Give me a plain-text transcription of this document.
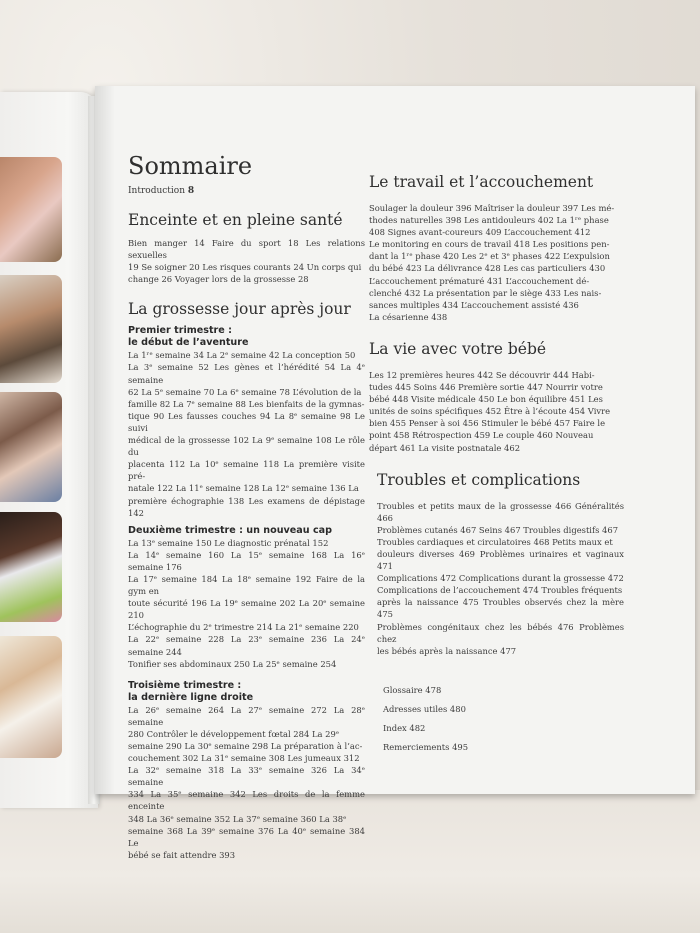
Sommaire
Introduction 8
Enceinte et en pleine santé

Bien manger 14 Faire du sport 18 Les relations sexuelles

19 Se soigner 20 Les risques courants 24 Un corps qui

change 26 Voyager lors de la grossesse 28

La grossesse jour après jour

Premier trimestre :

le début de l’aventure

La 1ʳᵉ semaine 34 La 2ᵉ semaine 42 La conception 50

La 3ᵉ semaine 52 Les gènes et l’hérédité 54 La 4ᵉ semaine

62 La 5ᵉ semaine 70 La 6ᵉ semaine 78 L’évolution de la

famille 82 La 7ᵉ semaine 88 Les bienfaits de la gymnas-

tique 90 Les fausses couches 94 La 8ᵉ semaine 98 Le suivi

médical de la grossesse 102 La 9ᵉ semaine 108 Le rôle du

placenta 112 La 10ᵉ semaine 118 La première visite pré-

natale 122 La 11ᵉ semaine 128 La 12ᵉ semaine 136 La

première échographie 138 Les examens de dépistage 142

Deuxième trimestre : un nouveau cap

La 13ᵉ semaine 150 Le diagnostic prénatal 152

La 14ᵉ semaine 160 La 15ᵉ semaine 168 La 16ᵉ semaine 176

La 17ᵉ semaine 184 La 18ᵉ semaine 192 Faire de la gym en

toute sécurité 196 La 19ᵉ semaine 202 La 20ᵉ semaine 210

L’échographie du 2ᵉ trimestre 214 La 21ᵉ semaine 220

La 22ᵉ semaine 228 La 23ᵉ semaine 236 La 24ᵉ semaine 244

Tonifier ses abdominaux 250 La 25ᵉ semaine 254

Troisième trimestre :

la dernière ligne droite

La 26ᵉ semaine 264 La 27ᵉ semaine 272 La 28ᵉ semaine

280 Contrôler le développement fœtal 284 La 29ᵉ

semaine 290 La 30ᵉ semaine 298 La préparation à l’ac-

couchement 302 La 31ᵉ semaine 308 Les jumeaux 312

La 32ᵉ semaine 318 La 33ᵉ semaine 326 La 34ᵉ semaine

334 La 35ᵉ semaine 342 Les droits de la femme enceinte

348 La 36ᵉ semaine 352 La 37ᵉ semaine 360 La 38ᵉ

semaine 368 La 39ᵉ semaine 376 La 40ᵉ semaine 384 Le

bébé se fait attendre 393

Le travail et l’accouchement

Soulager la douleur 396 Maîtriser la douleur 397 Les mé-

thodes naturelles 398 Les antidouleurs 402 La 1ʳᵉ phase

408 Signes avant-coureurs 409 L’accouchement 412

Le monitoring en cours de travail 418 Les positions pen-

dant la 1ʳᵉ phase 420 Les 2ᵉ et 3ᵉ phases 422 L’expulsion

du bébé 423 La délivrance 428 Les cas particuliers 430

L’accouchement prématuré 431 L’accouchement dé-

clenché 432 La présentation par le siège 433 Les nais-

sances multiples 434 L’accouchement assisté 436

La césarienne 438

La vie avec votre bébé

Les 12 premières heures 442 Se découvrir 444 Habi-

tudes 445 Soins 446 Première sortie 447 Nourrir votre

bébé 448 Visite médicale 450 Le bon équilibre 451 Les

unités de soins spécifiques 452 Être à l’écoute 454 Vivre

bien 455 Penser à soi 456 Stimuler le bébé 457 Faire le

point 458 Rétrospection 459 Le couple 460 Nouveau

départ 461 La visite postnatale 462

Troubles et complications

Troubles et petits maux de la grossesse 466 Généralités 466

Problèmes cutanés 467 Seins 467 Troubles digestifs 467

Troubles cardiaques et circulatoires 468 Petits maux et

douleurs diverses 469 Problèmes urinaires et vaginaux 471

Complications 472 Complications durant la grossesse 472

Complications de l’accouchement 474 Troubles fréquents

après la naissance 475 Troubles observés chez la mère 475

Problèmes congénitaux chez les bébés 476 Problèmes chez

les bébés après la naissance 477

Glossaire 478

Adresses utiles 480

Index 482

Remerciements 495
